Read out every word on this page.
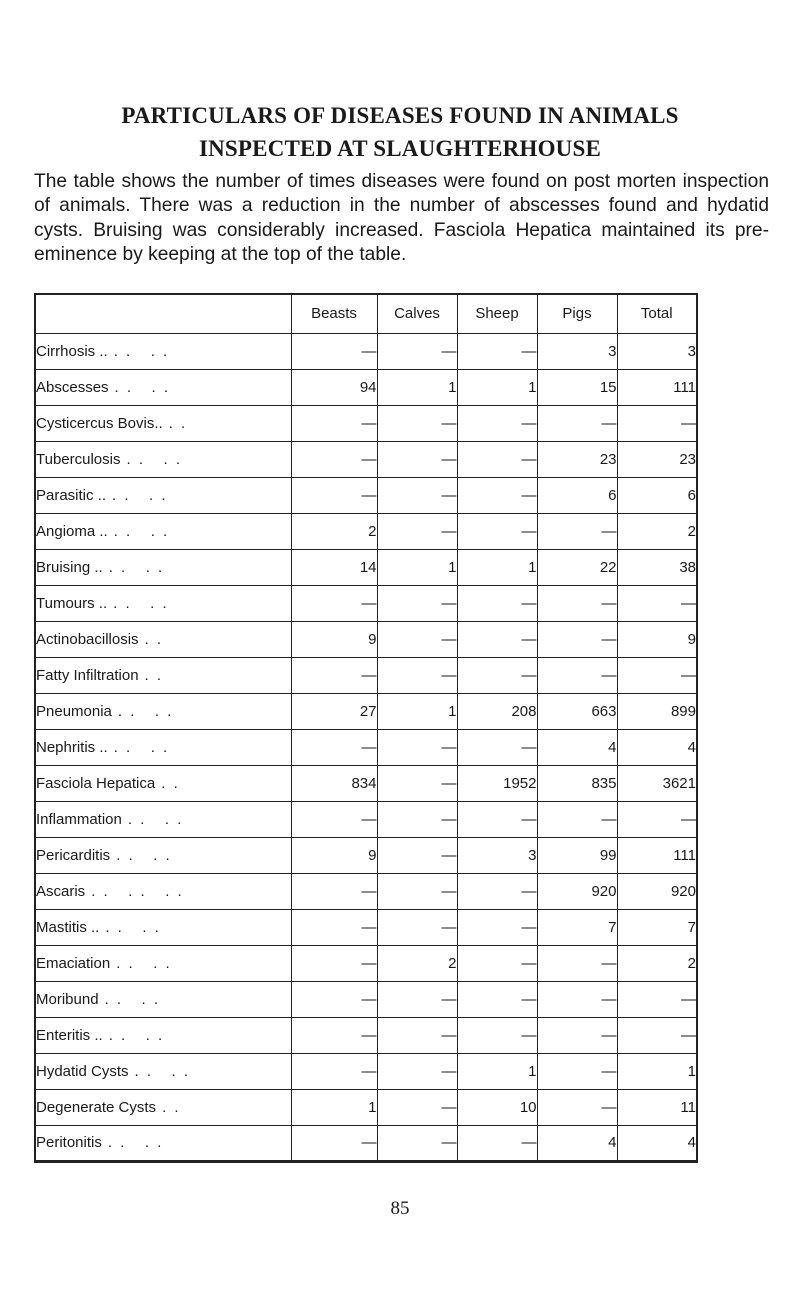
PARTICULARS OF DISEASES FOUND IN ANIMALS
INSPECTED AT SLAUGHTERHOUSE

The table shows the number of times diseases were found on post morten inspection of animals. There was a reduction in the number of abscesses found and hydatid cysts. Bruising was considerably increased. Fasciola Hepatica maintained its pre-eminence by keeping at the top of the table.

	Beasts	Calves	Sheep	Pigs	Total
Cirrhosis .. . .   . .	—	—	—	3	3
Abscesses . .   . .	94	1	1	15	111
Cysticercus Bovis.. . .	—	—	—	—	—
Tuberculosis . .   . .	—	—	—	23	23
Parasitic .. . .   . .	—	—	—	6	6
Angioma .. . .   . .	2	—	—	—	2
Bruising .. . .   . .	14	1	1	22	38
Tumours .. . .   . .	—	—	—	—	—
Actinobacillosis . .	9	—	—	—	9
Fatty Infiltration . .	—	—	—	—	—
Pneumonia . .   . .	27	1	208	663	899
Nephritis .. . .   . .	—	—	—	4	4
Fasciola Hepatica . .	834	—	1952	835	3621
Inflammation . .   . .	—	—	—	—	—
Pericarditis . .   . .	9	—	3	99	111
Ascaris . .   . .   . .	—	—	—	920	920
Mastitis .. . .   . .	—	—	—	7	7
Emaciation . .   . .	—	2	—	—	2
Moribund . .   . .	—	—	—	—	—
Enteritis .. . .   . .	—	—	—	—	—
Hydatid Cysts . .   . .	—	—	1	—	1
Degenerate Cysts . .	1	—	10	—	11
Peritonitis . .   . .	—	—	—	4	4
85
